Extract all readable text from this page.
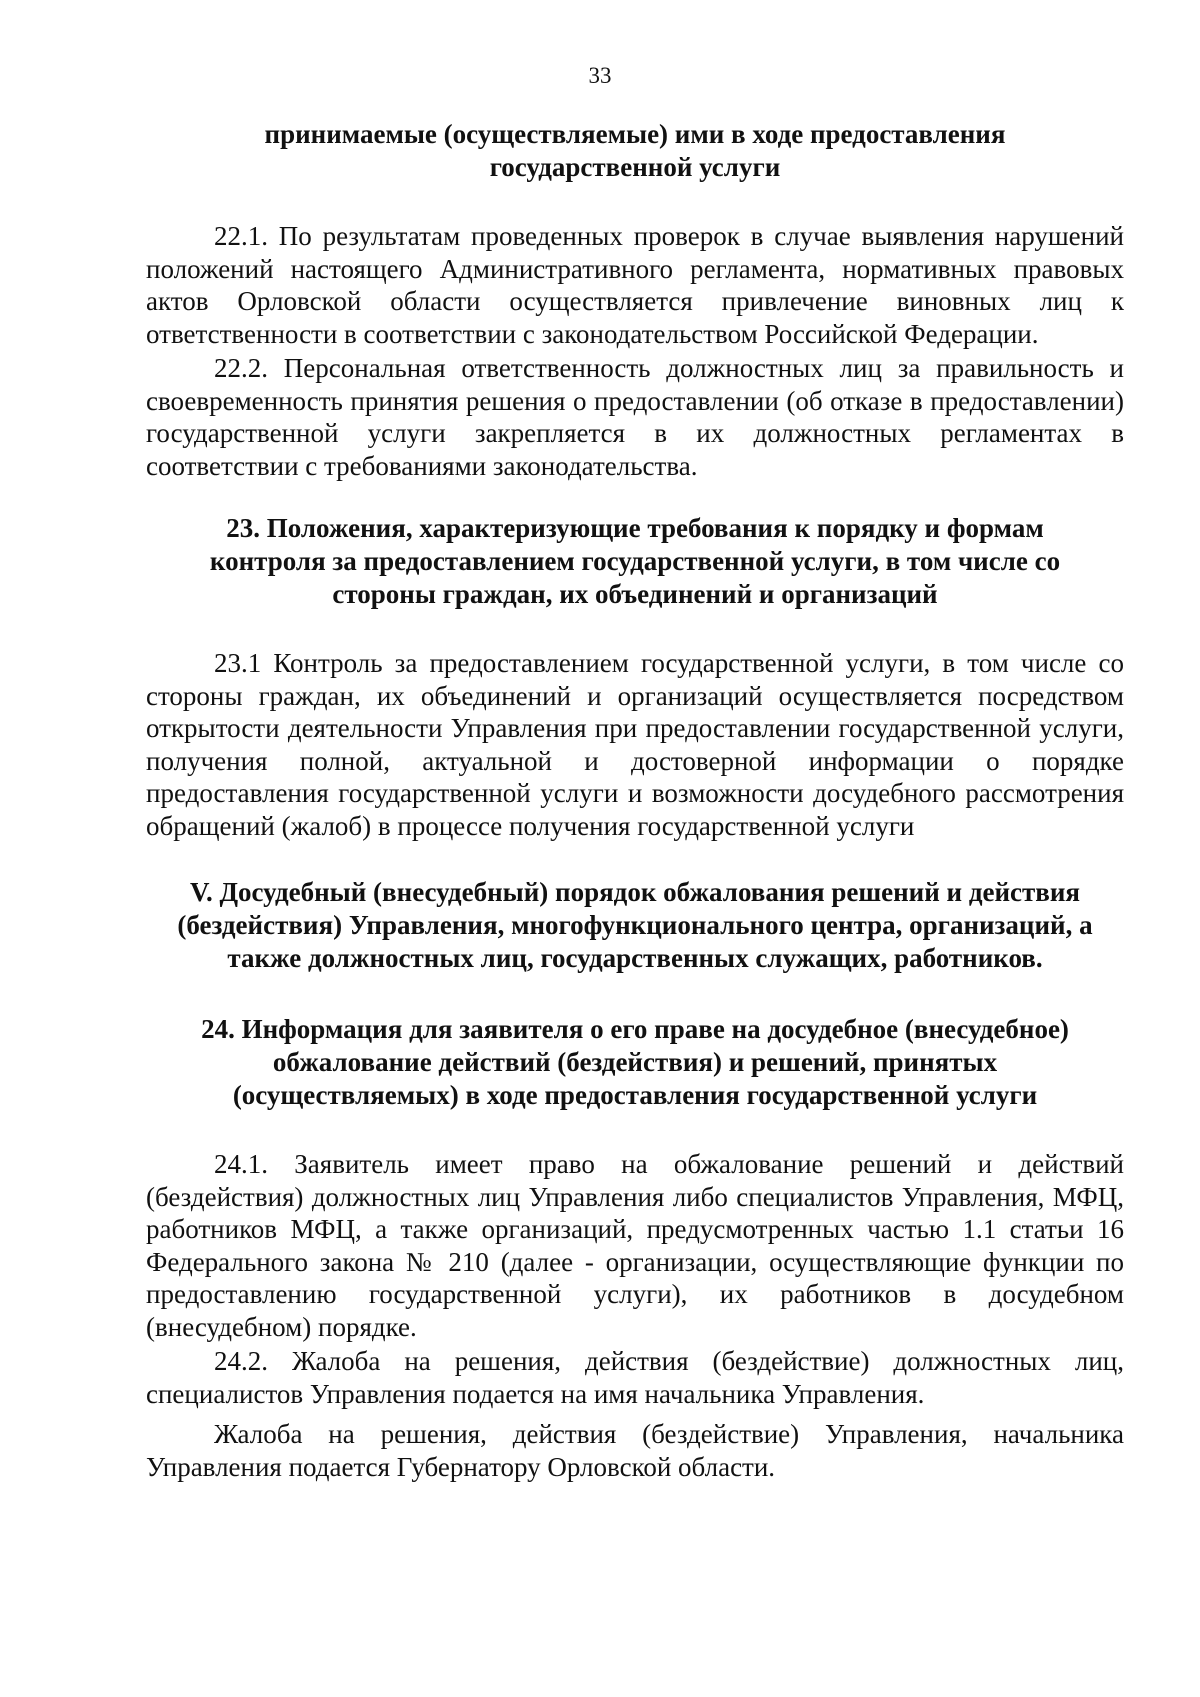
33

принимаемые (осуществляемые) ими в ходе предоставления государственной услуги

22.1. По результатам проведенных проверок в случае выявления нарушений положений настоящего Административного регламента, нормативных правовых актов Орловской области осуществляется привлечение виновных лиц к ответственности в соответствии с законодательством Российской Федерации.

22.2. Персональная ответственность должностных лиц за правильность и своевременность принятия решения о предоставлении (об отказе в предоставлении) государственной услуги закрепляется в их должностных регламентах в соответствии с требованиями законодательства.

23. Положения, характеризующие требования к порядку и формам контроля за предоставлением государственной услуги, в том числе со стороны граждан, их объединений и организаций

23.1 Контроль за предоставлением государственной услуги, в том числе со стороны граждан, их объединений и организаций осуществляется посредством открытости деятельности Управления при предоставлении государственной услуги, получения полной, актуальной и достоверной информации о порядке предоставления государственной услуги и возможности досудебного рассмотрения обращений (жалоб) в процессе получения государственной услуги

V. Досудебный (внесудебный) порядок обжалования решений и действия (бездействия) Управления, многофункционального центра, организаций, а также должностных лиц, государственных служащих, работников.

24. Информация для заявителя о его праве на досудебное (внесудебное) обжалование действий (бездействия) и решений, принятых (осуществляемых) в ходе предоставления государственной услуги

24.1. Заявитель имеет право на обжалование решений и действий (бездействия) должностных лиц Управления либо специалистов Управления, МФЦ, работников МФЦ, а также организаций, предусмотренных частью 1.1 статьи 16 Федерального закона № 210 (далее - организации, осуществляющие функции по предоставлению государственной услуги), их работников в досудебном (внесудебном) порядке.

24.2. Жалоба на решения, действия (бездействие) должностных лиц, специалистов Управления подается на имя начальника Управления.

Жалоба на решения, действия (бездействие) Управления, начальника Управления подается Губернатору Орловской области.
